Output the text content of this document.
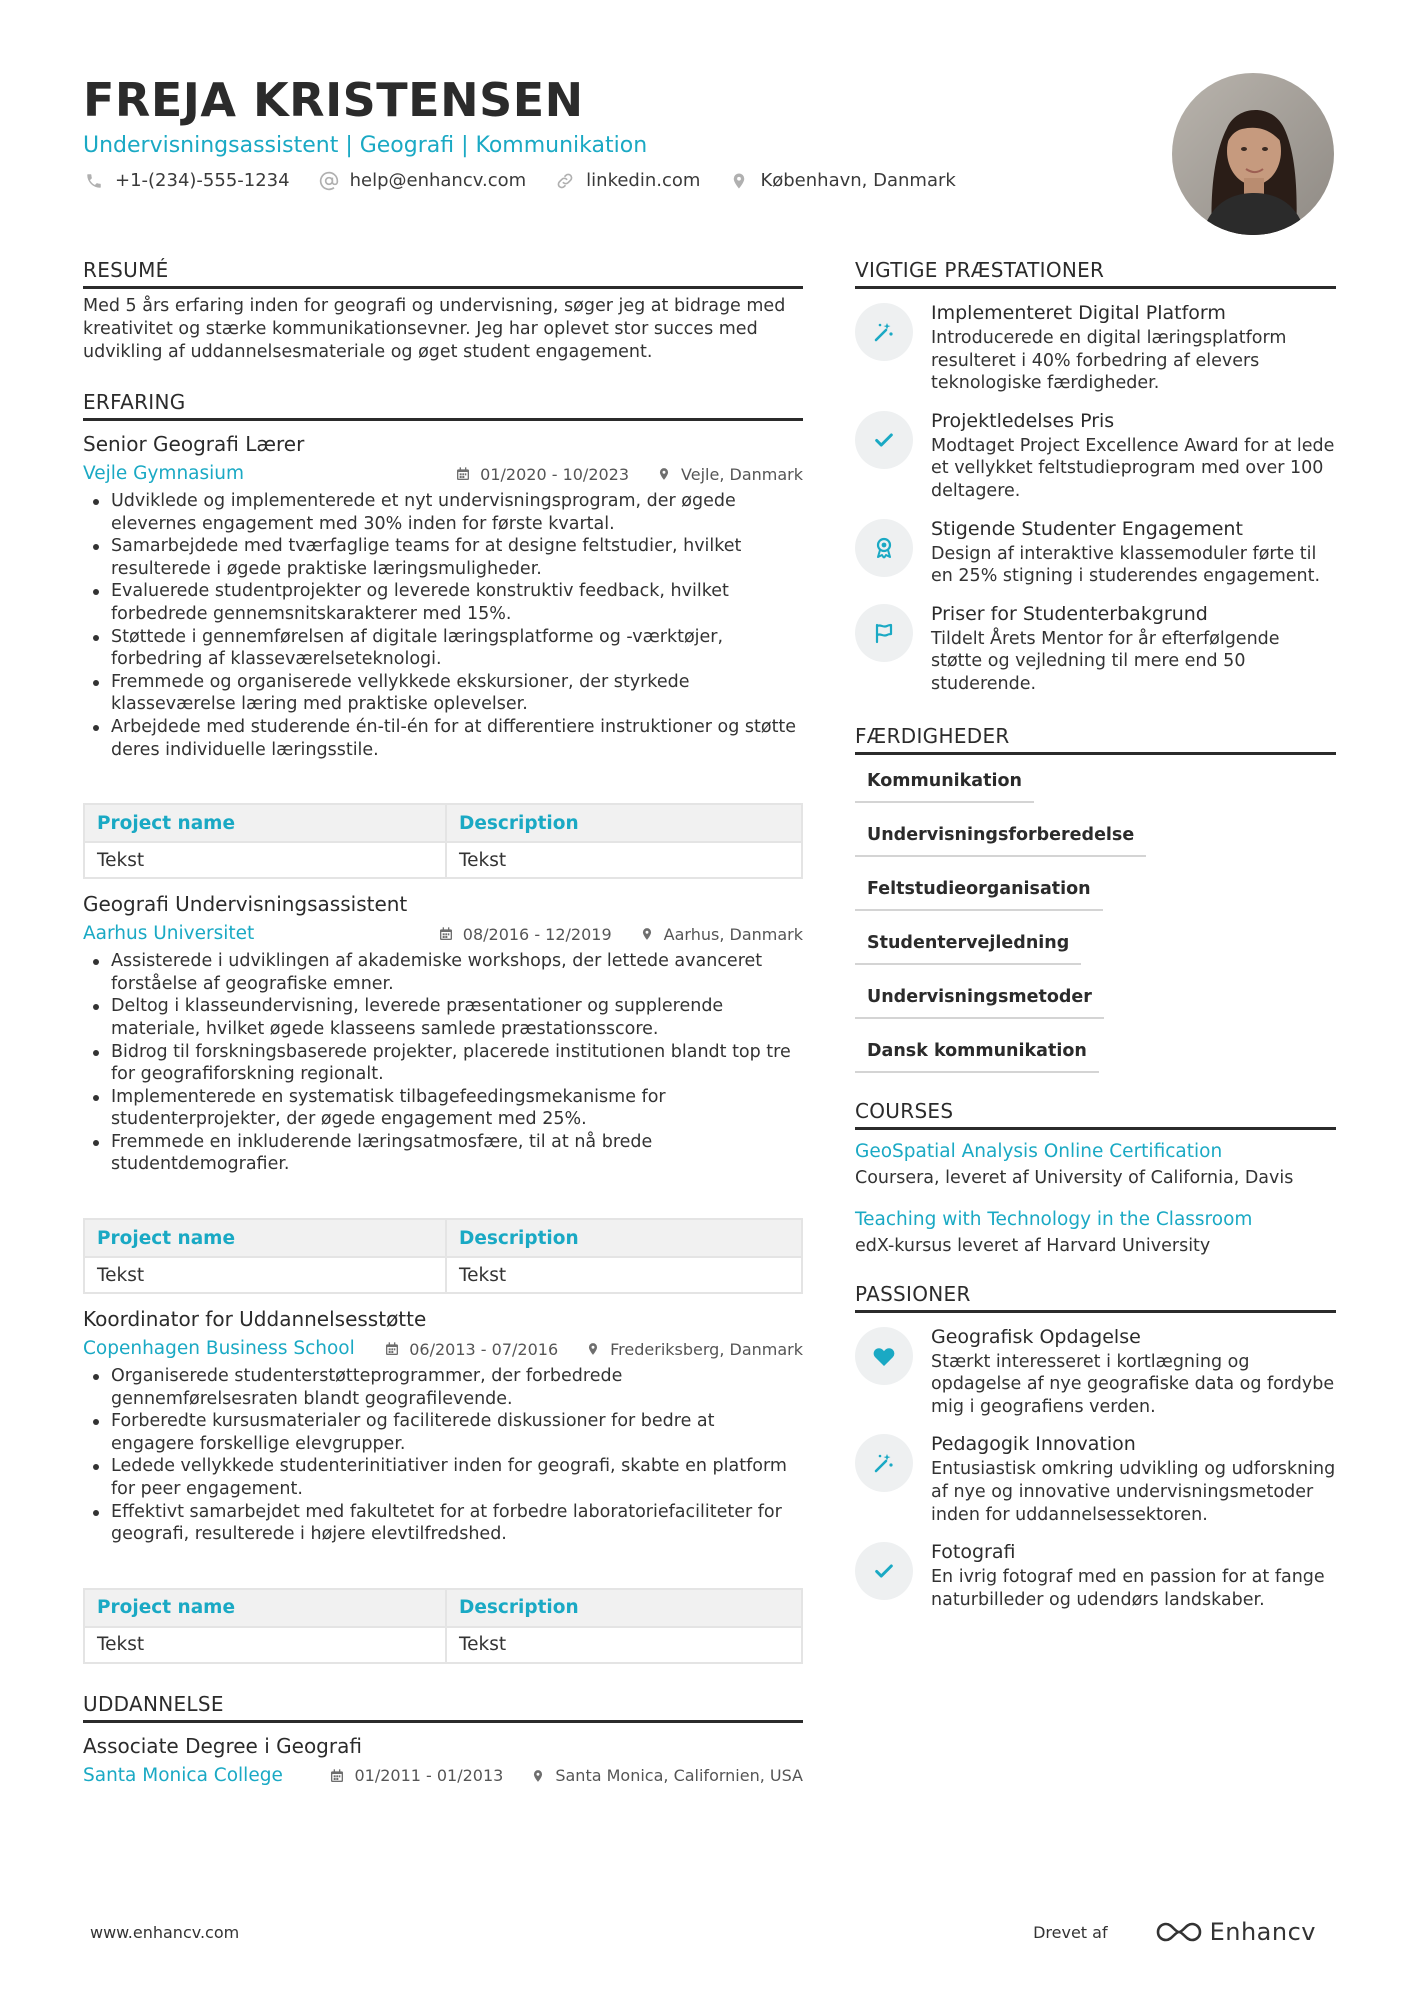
FREJA KRISTENSEN
Undervisningsassistent | Geografi | Kommunikation
+1-(234)-555-1234	help@enhancv.com	linkedin.com	København, Danmark
RESUMÉ
Med 5 års erfaring inden for geografi og undervisning, søger jeg at bidrage med kreativitet og stærke kommunikationsevner. Jeg har oplevet stor succes med udvikling af uddannelsesmateriale og øget student engagement.
ERFARING
Senior Geografi Lærer
Vejle Gymnasium	01/2020 - 10/2023	Vejle, Danmark
Udviklede og implementerede et nyt undervisningsprogram, der øgede elevernes engagement med 30% inden for første kvartal.
Samarbejdede med tværfaglige teams for at designe feltstudier, hvilket resulterede i øgede praktiske læringsmuligheder.
Evaluerede studentprojekter og leverede konstruktiv feedback, hvilket forbedrede gennemsnitskarakterer med 15%.
Støttede i gennemførelsen af digitale læringsplatforme og -værktøjer, forbedring af klasseværelseteknologi.
Fremmede og organiserede vellykkede ekskursioner, der styrkede klasseværelse læring med praktiske oplevelser.
Arbejdede med studerende én-til-én for at differentiere instruktioner og støtte deres individuelle læringsstile.
Project name	Description
Tekst	Tekst
Geografi Undervisningsassistent
Aarhus Universitet	08/2016 - 12/2019	Aarhus, Danmark
Assisterede i udviklingen af akademiske workshops, der lettede avanceret forståelse af geografiske emner.
Deltog i klasseundervisning, leverede præsentationer og supplerende materiale, hvilket øgede klasseens samlede præstationsscore.
Bidrog til forskningsbaserede projekter, placerede institutionen blandt top tre for geografiforskning regionalt.
Implementerede en systematisk tilbagefeedingsmekanisme for studenterprojekter, der øgede engagement med 25%.
Fremmede en inkluderende læringsatmosfære, til at nå brede studentdemografier.
Project name	Description
Tekst	Tekst
Koordinator for Uddannelsesstøtte
Copenhagen Business School	06/2013 - 07/2016	Frederiksberg, Danmark
Organiserede studenterstøtteprogrammer, der forbedrede gennemførelsesraten blandt geografilevende.
Forberedte kursusmaterialer og faciliterede diskussioner for bedre at engagere forskellige elevgrupper.
Ledede vellykkede studenterinitiativer inden for geografi, skabte en platform for peer engagement.
Effektivt samarbejdet med fakultetet for at forbedre laboratoriefaciliteter for geografi, resulterede i højere elevtilfredshed.
Project name	Description
Tekst	Tekst
UDDANNELSE
Associate Degree i Geografi
Santa Monica College	01/2011 - 01/2013	Santa Monica, Californien, USA
VIGTIGE PRÆSTATIONER
Implementeret Digital Platform
Introducerede en digital læringsplatform resulteret i 40% forbedring af elevers teknologiske færdigheder.
Projektledelses Pris
Modtaget Project Excellence Award for at lede et vellykket feltstudieprogram med over 100 deltagere.
Stigende Studenter Engagement
Design af interaktive klassemoduler førte til en 25% stigning i studerendes engagement.
Priser for Studenterbakgrund
Tildelt Årets Mentor for år efterfølgende støtte og vejledning til mere end 50 studerende.
FÆRDIGHEDER
Kommunikation
Undervisningsforberedelse
Feltstudieorganisation
Studentervejledning
Undervisningsmetoder
Dansk kommunikation
COURSES
GeoSpatial Analysis Online Certification
Coursera, leveret af University of California, Davis
Teaching with Technology in the Classroom
edX-kursus leveret af Harvard University
PASSIONER
Geografisk Opdagelse
Stærkt interesseret i kortlægning og opdagelse af nye geografiske data og fordybe mig i geografiens verden.
Pedagogik Innovation
Entusiastisk omkring udvikling og udforskning af nye og innovative undervisningsmetoder inden for uddannelsessektoren.
Fotografi
En ivrig fotograf med en passion for at fange naturbilleder og udendørs landskaber.
www.enhancv.com	Drevet af	Enhancv
